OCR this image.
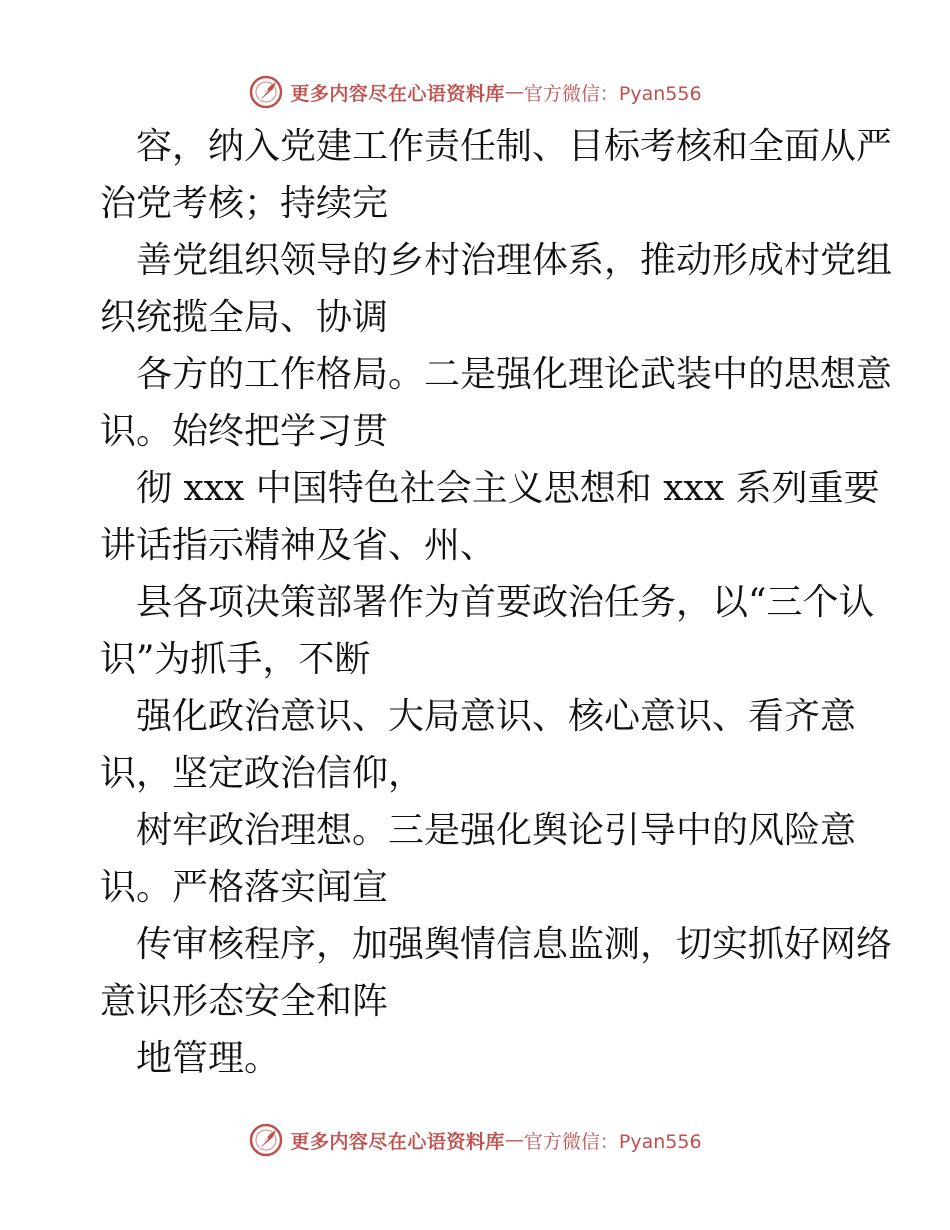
更多内容尽在心语资料库 — 官方微信：Pyan556
容，纳入党建工作责任制、目标考核和全面从严
治党考核；持续完
善党组织领导的乡村治理体系，推动形成村党组
织统揽全局、协调
各方的工作格局。二是强化理论武装中的思想意
识。始终把学习贯
彻 xxx 中国特色社会主义思想和 xxx 系列重要
讲话指示精神及省、州、
县各项决策部署作为首要政治任务，以“三个认
识”为抓手，不断
强化政治意识、大局意识、核心意识、看齐意
识，坚定政治信仰，
树牢政治理想。三是强化舆论引导中的风险意
识。严格落实闻宣
传审核程序，加强舆情信息监测，切实抓好网络
意识形态安全和阵
地管理。
更多内容尽在心语资料库 — 官方微信：Pyan556
